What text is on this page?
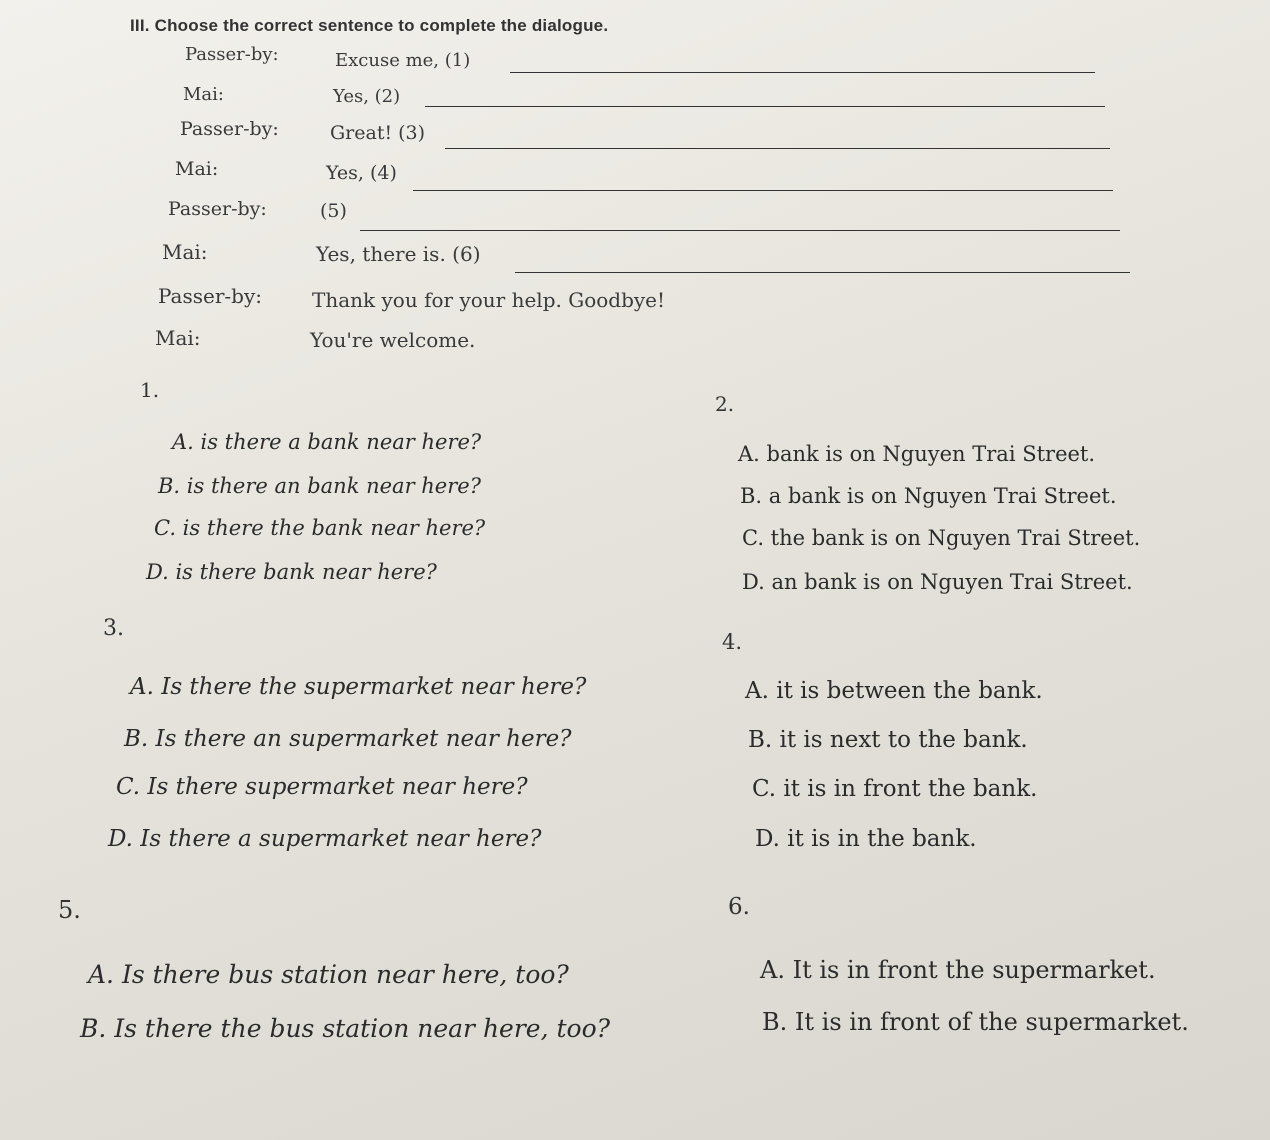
III. Choose the correct sentence to complete the dialogue.
Passer-by:	Excuse me, (1)
Mai:	Yes, (2)
Passer-by:	Great! (3)
Mai:	Yes, (4)
Passer-by:	(5)
Mai:	Yes, there is. (6)
Passer-by: Thank you for your help. Goodbye!
Mai:	You're welcome.
1.
A. is there a bank near here?
B. is there an bank near here?
C. is there the bank near here?
D. is there bank near here?
2.
A. bank is on Nguyen Trai Street.
B. a bank is on Nguyen Trai Street.
C. the bank is on Nguyen Trai Street.
D. an bank is on Nguyen Trai Street.
3.
A. Is there the supermarket near here?
B. Is there an supermarket near here?
C. Is there supermarket near here?
D. Is there a supermarket near here?
4.
A. it is between the bank.
B. it is next to the bank.
C. it is in front the bank.
D. it is in the bank.
5.
A. Is there bus station near here, too?
B. Is there the bus station near here, too?
6.
A. It is in front the supermarket.
B. It is in front of the supermarket.
